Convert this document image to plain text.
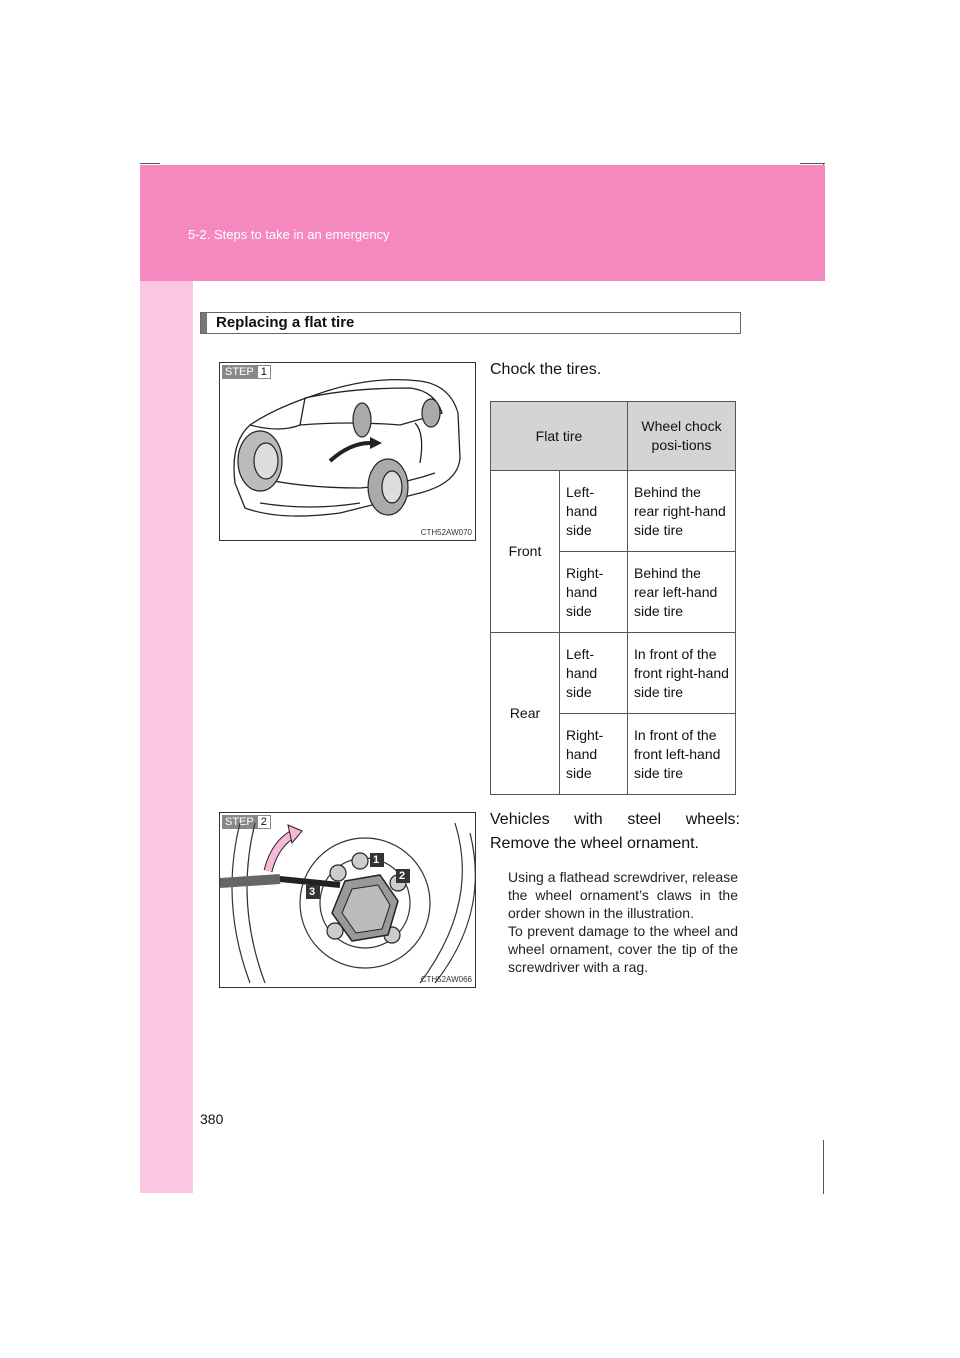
5-2. Steps to take in an emergency
Replacing a flat tire
STEP 1
CTH52AW070
Chock the tires.
Flat tire		Wheel chock posi-tions
Front	Left-hand side	Behind the rear right-hand side tire
	Right-hand side	Behind the rear left-hand side tire
Rear	Left-hand side	In front of the front right-hand side tire
	Right-hand side	In front of the front left-hand side tire
STEP 2
1
2
3
CTH52AW066
Vehicles with steel wheels: Remove the wheel ornament.
Using a flathead screwdriver, release the wheel ornament’s claws in the order shown in the illustration.
To prevent damage to the wheel and wheel ornament, cover the tip of the screwdriver with a rag.
380
